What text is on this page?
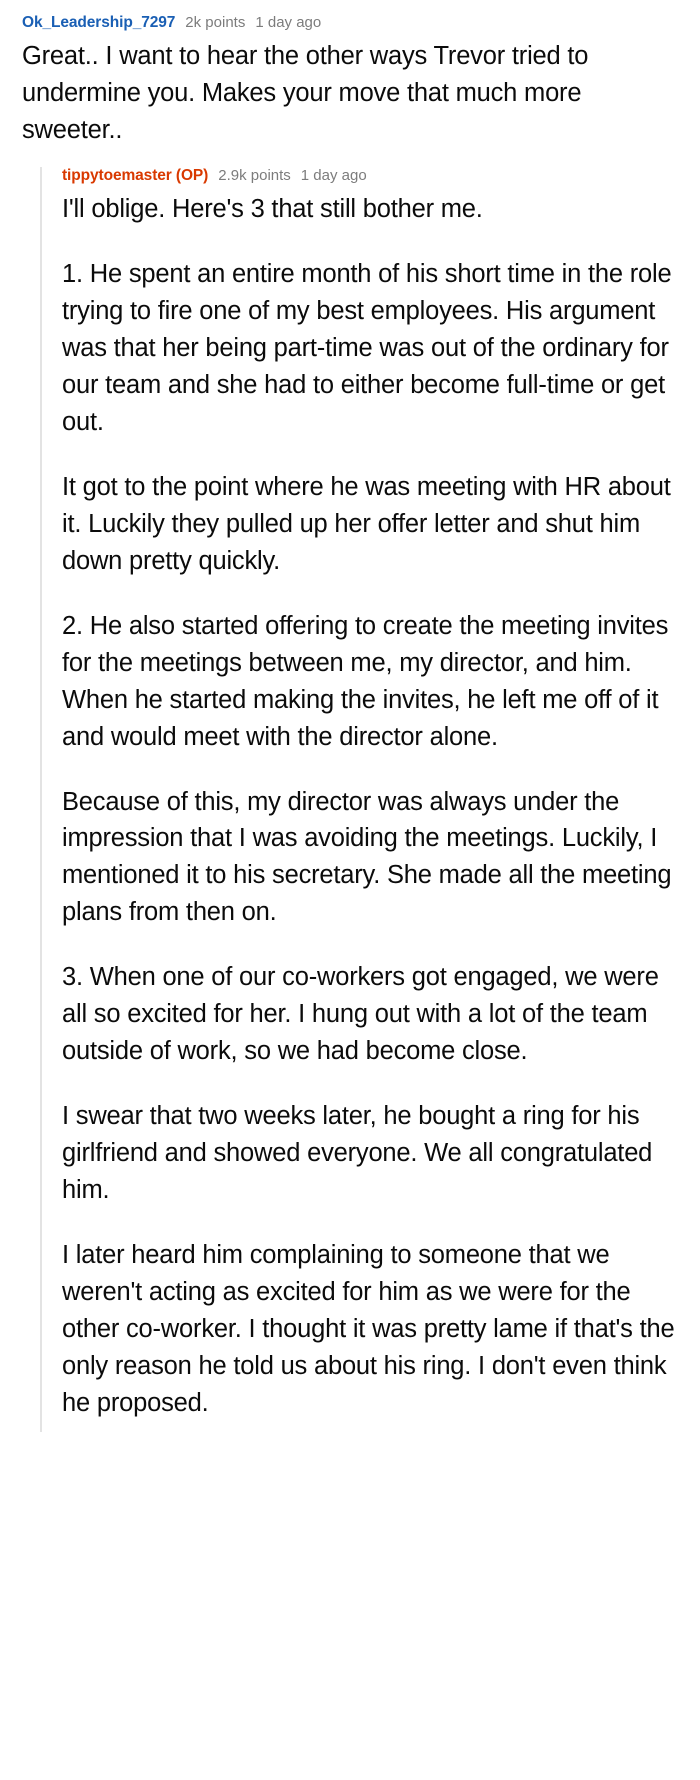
Ok_Leadership_7297 2k points 1 day ago

Great.. I want to hear the other ways Trevor tried to undermine you. Makes your move that much more sweeter..

tippytoemaster (OP) 2.9k points 1 day ago

I'll oblige. Here's 3 that still bother me.

1. He spent an entire month of his short time in the role trying to fire one of my best employees. His argument was that her being part-time was out of the ordinary for our team and she had to either become full-time or get out.

It got to the point where he was meeting with HR about it. Luckily they pulled up her offer letter and shut him down pretty quickly.

2. He also started offering to create the meeting invites for the meetings between me, my director, and him. When he started making the invites, he left me off of it and would meet with the director alone.

Because of this, my director was always under the impression that I was avoiding the meetings. Luckily, I mentioned it to his secretary. She made all the meeting plans from then on.

3. When one of our co-workers got engaged, we were all so excited for her. I hung out with a lot of the team outside of work, so we had become close.

I swear that two weeks later, he bought a ring for his girlfriend and showed everyone. We all congratulated him.

I later heard him complaining to someone that we weren't acting as excited for him as we were for the other co-worker. I thought it was pretty lame if that's the only reason he told us about his ring. I don't even think he proposed.
